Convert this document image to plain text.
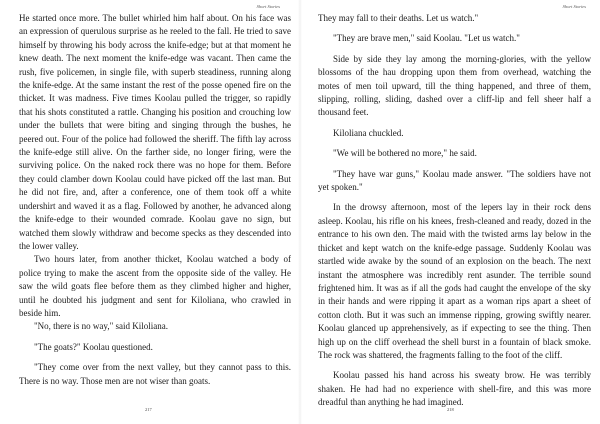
Short Stories

He started once more. The bullet whirled him half about. On his face was an expression of querulous surprise as he reeled to the fall. He tried to save himself by throwing his body across the knife-edge; but at that moment he knew death. The next moment the knife-edge was vacant. Then came the rush, five policemen, in single file, with superb steadiness, running along the knife-edge. At the same instant the rest of the posse opened fire on the thicket. It was madness. Five times Koolau pulled the trigger, so rapidly that his shots constituted a rattle. Changing his position and crouching low under the bullets that were biting and singing through the bushes, he peered out. Four of the police had followed the sheriff. The fifth lay across the knife-edge still alive. On the farther side, no longer firing, were the surviving police. On the naked rock there was no hope for them. Before they could clamber down Koolau could have picked off the last man. But he did not fire, and, after a conference, one of them took off a white undershirt and waved it as a flag. Followed by another, he advanced along the knife-edge to their wounded comrade. Koolau gave no sign, but watched them slowly withdraw and become specks as they descended into the lower valley.

Two hours later, from another thicket, Koolau watched a body of police trying to make the ascent from the opposite side of the valley. He saw the wild goats flee before them as they climbed higher and higher, until he doubted his judgment and sent for Kiloliana, who crawled in beside him.

"No, there is no way," said Kiloliana.

"The goats?" Koolau questioned.

"They come over from the next valley, but they cannot pass to this. There is no way. Those men are not wiser than goats.

217
Short Stories

They may fall to their deaths. Let us watch."

"They are brave men," said Koolau. "Let us watch."

Side by side they lay among the morning-glories, with the yellow blossoms of the hau dropping upon them from overhead, watching the motes of men toil upward, till the thing happened, and three of them, slipping, rolling, sliding, dashed over a cliff-lip and fell sheer half a thousand feet.

Kiloliana chuckled.

"We will be bothered no more," he said.

"They have war guns," Koolau made answer. "The soldiers have not yet spoken."

In the drowsy afternoon, most of the lepers lay in their rock dens asleep. Koolau, his rifle on his knees, fresh-cleaned and ready, dozed in the entrance to his own den. The maid with the twisted arms lay below in the thicket and kept watch on the knife-edge passage. Suddenly Koolau was startled wide awake by the sound of an explosion on the beach. The next instant the atmosphere was incredibly rent asunder. The terrible sound frightened him. It was as if all the gods had caught the envelope of the sky in their hands and were ripping it apart as a woman rips apart a sheet of cotton cloth. But it was such an immense ripping, growing swiftly nearer. Koolau glanced up apprehensively, as if expecting to see the thing. Then high up on the cliff overhead the shell burst in a fountain of black smoke. The rock was shattered, the fragments falling to the foot of the cliff.

Koolau passed his hand across his sweaty brow. He was terribly shaken. He had had no experience with shell-fire, and this was more dreadful than anything he had imagined.

218
